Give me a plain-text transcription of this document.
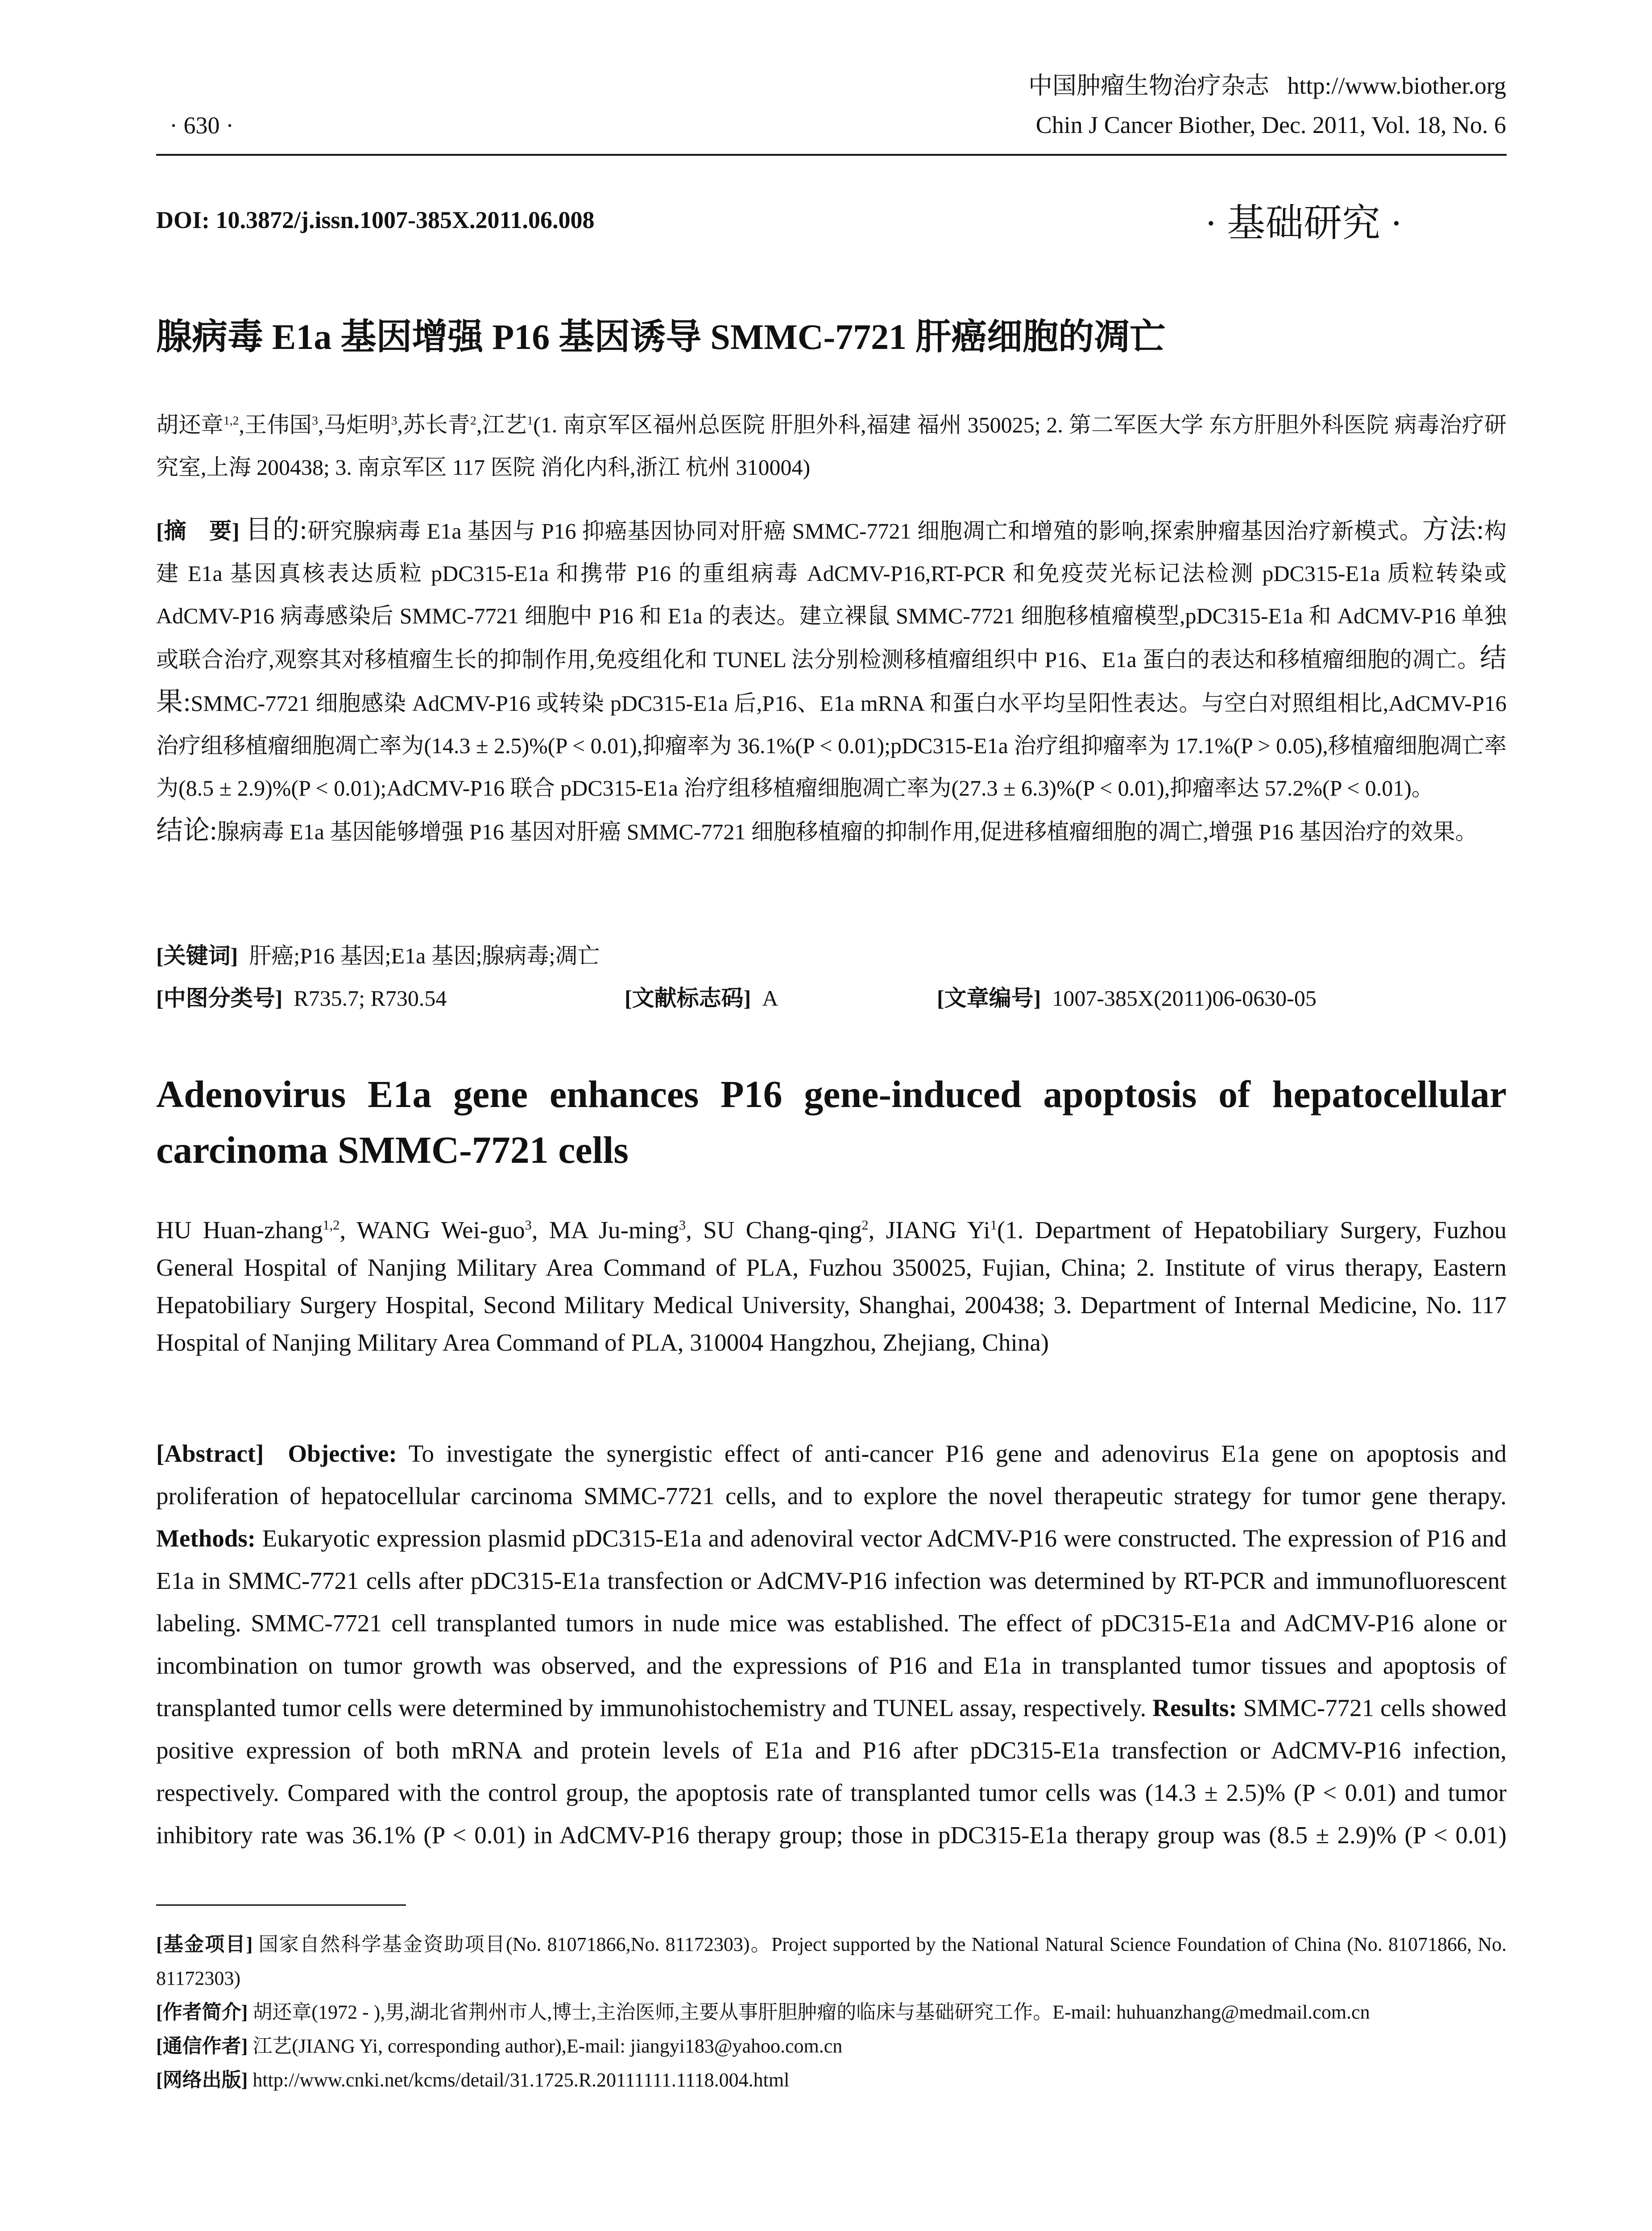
中国肿瘤生物治疗杂志 http://www.biother.org
Chin J Cancer Biother, Dec. 2011, Vol. 18, No. 6
· 630 ·
DOI: 10.3872/j.issn.1007-385X.2011.06.008	· 基础研究 ·
腺病毒 E1a 基因增强 P16 基因诱导 SMMC-7721 肝癌细胞的凋亡
胡还章$^{1,2}$,王伟国$^3$,马炬明$^3$,苏长青$^2$,江艺$^1$(1. 南京军区福州总医院 肝胆外科,福建 福州 350025; 2. 第二军医大学 东方肝胆外科医院 病毒治疗研究室,上海 200438; 3. 南京军区 117 医院 消化内科,浙江 杭州 310004)
[摘　要] 目的:研究腺病毒 E1a 基因与 P16 抑癌基因协同对肝癌 SMMC-7721 细胞凋亡和增殖的影响,探索肿瘤基因治疗新模式。方法:构建 E1a 基因真核表达质粒 pDC315-E1a 和携带 P16 的重组病毒 AdCMV-P16,RT-PCR 和免疫荧光标记法检测 pDC315-E1a 质粒转染或 AdCMV-P16 病毒感染后 SMMC-7721 细胞中 P16 和 E1a 的表达。建立裸鼠 SMMC-7721 细胞移植瘤模型,pDC315-E1a 和 AdCMV-P16 单独或联合治疗,观察其对移植瘤生长的抑制作用,免疫组化和 TUNEL 法分别检测移植瘤组织中 P16、E1a 蛋白的表达和移植瘤细胞的凋亡。结果:SMMC-7721 细胞感染 AdCMV-P16 或转染 pDC315-E1a 后,P16、E1a mRNA 和蛋白水平均呈阳性表达。与空白对照组相比,AdCMV-P16 治疗组移植瘤细胞凋亡率为(14.3 ± 2.5)%(P < 0.01),抑瘤率为 36.1%(P < 0.01);pDC315-E1a 治疗组抑瘤率为 17.1%(P > 0.05),移植瘤细胞凋亡率为(8.5 ± 2.9)%(P < 0.01);AdCMV-P16 联合 pDC315-E1a 治疗组移植瘤细胞凋亡率为(27.3 ± 6.3)%(P < 0.01),抑瘤率达 57.2%(P < 0.01)。
结论:腺病毒 E1a 基因能够增强 P16 基因对肝癌 SMMC-7721 细胞移植瘤的抑制作用,促进移植瘤细胞的凋亡,增强 P16 基因治疗的效果。
[关键词] 肝癌;P16 基因;E1a 基因;腺病毒;凋亡
[中图分类号] R735.7; R730.54	[文献标志码] A	[文章编号] 1007-385X(2011)06-0630-05
Adenovirus E1a gene enhances P16 gene-induced apoptosis of hepatocellular carcinoma SMMC-7721 cells
HU Huan-zhang$^{1,2}$, WANG Wei-guo$^3$, MA Ju-ming$^3$, SU Chang-qing$^2$, JIANG Yi$^1$(1. Department of Hepatobiliary Surgery, Fuzhou General Hospital of Nanjing Military Area Command of PLA, Fuzhou 350025, Fujian, China; 2. Institute of virus therapy, Eastern Hepatobiliary Surgery Hospital, Second Military Medical University, Shanghai, 200438; 3. Department of Internal Medicine, No. 117 Hospital of Nanjing Military Area Command of PLA, 310004 Hangzhou, Zhejiang, China)
[Abstract] Objective: To investigate the synergistic effect of anti-cancer P16 gene and adenovirus E1a gene on apoptosis and proliferation of hepatocellular carcinoma SMMC-7721 cells, and to explore the novel therapeutic strategy for tumor gene therapy. Methods: Eukaryotic expression plasmid pDC315-E1a and adenoviral vector AdCMV-P16 were constructed. The expression of P16 and E1a in SMMC-7721 cells after pDC315-E1a transfection or AdCMV-P16 infection was determined by RT-PCR and immunofluorescent labeling. SMMC-7721 cell transplanted tumors in nude mice was established. The effect of pDC315-E1a and AdCMV-P16 alone or incombination on tumor growth was observed, and the expressions of P16 and E1a in transplanted tumor tissues and apoptosis of transplanted tumor cells were determined by immunohistochemistry and TUNEL assay, respectively. Results: SMMC-7721 cells showed positive expression of both mRNA and protein levels of E1a and P16 after pDC315-E1a transfection or AdCMV-P16 infection, respectively. Compared with the control group, the apoptosis rate of transplanted tumor cells was (14.3 ± 2.5)% (P < 0.01) and tumor inhibitory rate was 36.1% (P < 0.01) in AdCMV-P16 therapy group; those in pDC315-E1a therapy group was (8.5 ± 2.9)% (P < 0.01)
[基金项目] 国家自然科学基金资助项目(No. 81071866,No. 81172303)。Project supported by the National Natural Science Foundation of China (No. 81071866, No. 81172303)
[作者简介] 胡还章(1972 - ),男,湖北省荆州市人,博士,主治医师,主要从事肝胆肿瘤的临床与基础研究工作。E-mail: huhuanzhang@medmail.com.cn
[通信作者] 江艺(JIANG Yi, corresponding author),E-mail: jiangyi183@yahoo.com.cn
[网络出版] http://www.cnki.net/kcms/detail/31.1725.R.20111111.1118.004.html
